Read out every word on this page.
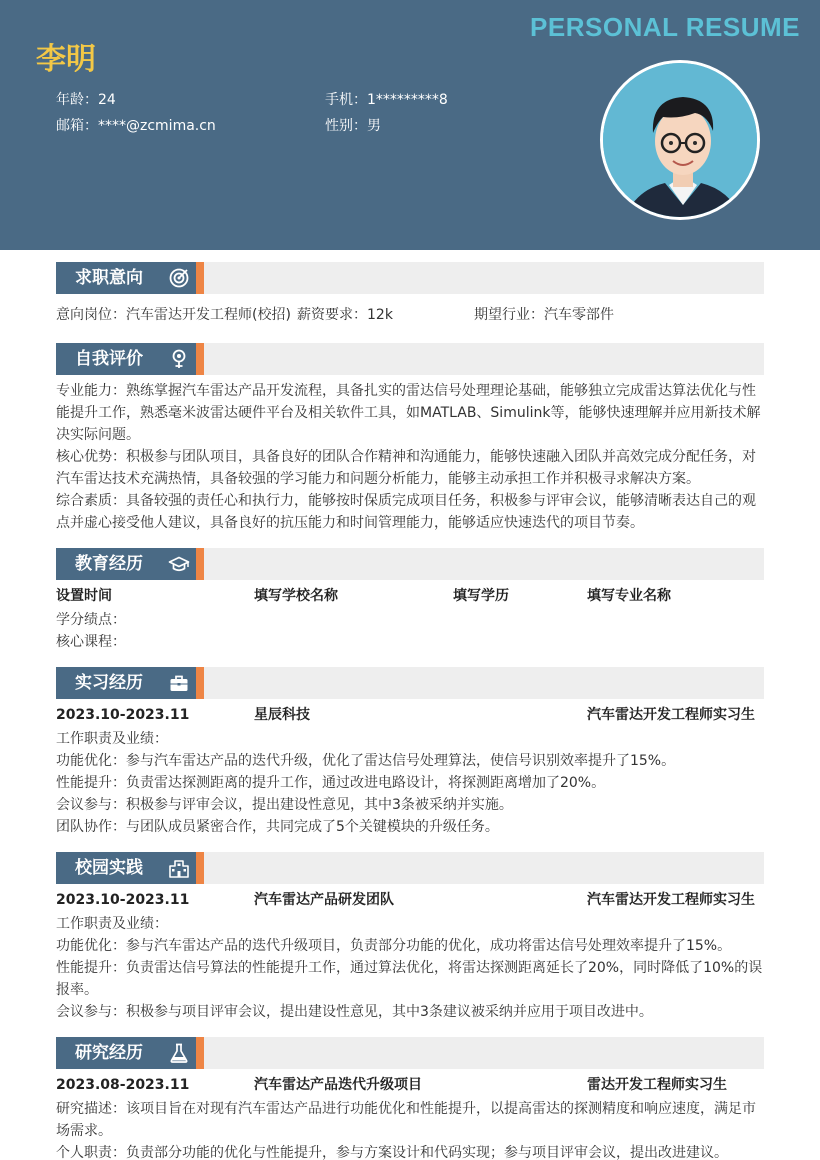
PERSONAL RESUME
李明
年龄：24	手机：1*********8
邮箱：****@zcmima.cn	性别：男
求职意向
意向岗位：汽车雷达开发工程师(校招) 薪资要求：12k	期望行业：汽车零部件
自我评价
专业能力：熟练掌握汽车雷达产品开发流程，具备扎实的雷达信号处理理论基础，能够独立完成雷达算法优化与性能提升工作，熟悉毫米波雷达硬件平台及相关软件工具，如MATLAB、Simulink等，能够快速理解并应用新技术解决实际问题。
核心优势：积极参与团队项目，具备良好的团队合作精神和沟通能力，能够快速融入团队并高效完成分配任务，对汽车雷达技术充满热情，具备较强的学习能力和问题分析能力，能够主动承担工作并积极寻求解决方案。
综合素质：具备较强的责任心和执行力，能够按时保质完成项目任务，积极参与评审会议，能够清晰表达自己的观点并虚心接受他人建议，具备良好的抗压能力和时间管理能力，能够适应快速迭代的项目节奏。
教育经历
设置时间	填写学校名称	填写学历	填写专业名称
学分绩点：
核心课程：
实习经历
2023.10-2023.11	星辰科技	汽车雷达开发工程师实习生
工作职责及业绩：
功能优化：参与汽车雷达产品的迭代升级，优化了雷达信号处理算法，使信号识别效率提升了15%。
性能提升：负责雷达探测距离的提升工作，通过改进电路设计，将探测距离增加了20%。
会议参与：积极参与评审会议，提出建设性意见，其中3条被采纳并实施。
团队协作：与团队成员紧密合作，共同完成了5个关键模块的升级任务。
校园实践
2023.10-2023.11	汽车雷达产品研发团队	汽车雷达开发工程师实习生
工作职责及业绩：
功能优化：参与汽车雷达产品的迭代升级项目，负责部分功能的优化，成功将雷达信号处理效率提升了15%。
性能提升：负责雷达信号算法的性能提升工作，通过算法优化，将雷达探测距离延长了20%，同时降低了10%的误报率。
会议参与：积极参与项目评审会议，提出建设性意见，其中3条建议被采纳并应用于项目改进中。
研究经历
2023.08-2023.11	汽车雷达产品迭代升级项目	雷达开发工程师实习生
研究描述：该项目旨在对现有汽车雷达产品进行功能优化和性能提升，以提高雷达的探测精度和响应速度，满足市场需求。
个人职责：负责部分功能的优化与性能提升，参与方案设计和代码实现；参与项目评审会议，提出改进建议。
